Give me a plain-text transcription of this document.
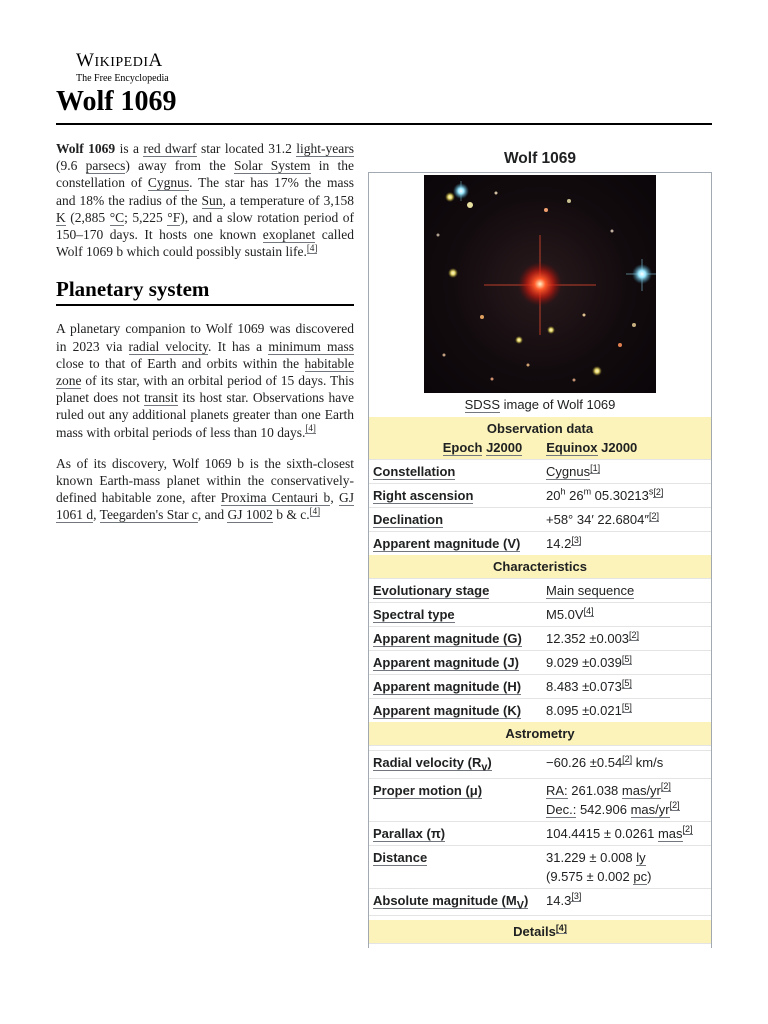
WIKIPEDIA
The Free Encyclopedia
Wolf 1069

Wolf 1069 is a red dwarf star located 31.2 light-years (9.6 parsecs) away from the Solar System in the constellation of Cygnus. The star has 17% the mass and 18% the radius of the Sun, a temperature of 3,158 K (2,885 °C; 5,225 °F), and a slow rotation period of 150–170 days. It hosts one known exoplanet called Wolf 1069 b which could possibly sustain life.[4]

Planetary system

A planetary companion to Wolf 1069 was discovered in 2023 via radial velocity. It has a minimum mass close to that of Earth and orbits within the habitable zone of its star, with an orbital period of 15 days. This planet does not transit its host star. Observations have ruled out any additional planets greater than one Earth mass with orbital periods of less than 10 days.[4]

As of its discovery, Wolf 1069 b is the sixth-closest known Earth-mass planet within the conservatively-defined habitable zone, after Proxima Centauri b, GJ 1061 d, Teegarden's Star c, and GJ 1002 b & c.[4]

Wolf 1069
SDSS image of Wolf 1069
Observation data
Epoch J2000 Equinox J2000
Constellation	Cygnus[1]
Right ascension	20$^h$ 26$^m$ 05.30213$^{s[2]}$
Declination	+58° 34′ 22.6804″[2]
Apparent magnitude (V)	14.2[3]
Characteristics
Evolutionary stage	Main sequence
Spectral type	M5.0V[4]
Apparent magnitude (G)	12.352 ±0.003[2]
Apparent magnitude (J)	9.029 ±0.039[5]
Apparent magnitude (H)	8.483 ±0.073[5]
Apparent magnitude (K)	8.095 ±0.021[5]
Astrometry
Radial velocity $(R_v)$	−60.26 ±0.54[2] km/s
Proper motion (μ)	RA: 261.038 mas/yr[2]
Dec.: 542.906 mas/yr[2]
Parallax (π)	104.4415 ± 0.0261 mas[2]
Distance	31.229 ± 0.008 ly
(9.575 ± 0.002 pc)
Absolute magnitude $(M_V)$	14.3[3]
Details[4]
